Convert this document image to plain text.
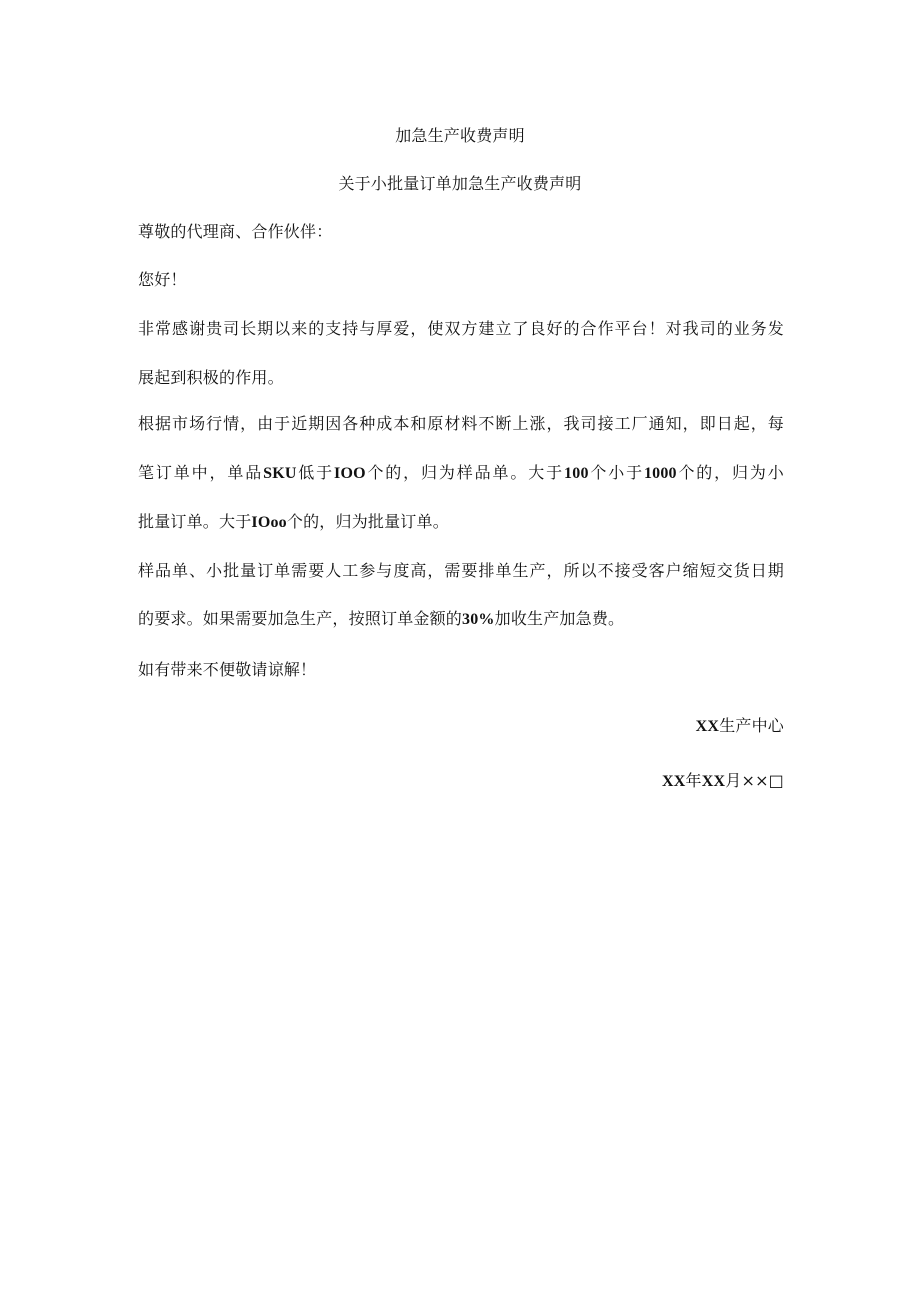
加急生产收费声明
关于小批量订单加急生产收费声明
尊敬的代理商、合作伙伴：
您好！
非常感谢贵司长期以来的支持与厚爱，使双方建立了良好的合作平台！对我司的业务发
展起到积极的作用。
根据市场行情，由于近期因各种成本和原材料不断上涨，我司接工厂通知，即日起，每
笔订单中，单品SKU低于IOO个的，归为样品单。大于100个小于1000个的，归为小
批量订单。大于IOoo个的，归为批量订单。
样品单、小批量订单需要人工参与度高，需要排单生产，所以不接受客户缩短交货日期
的要求。如果需要加急生产，按照订单金额的30%加收生产加急费。
如有带来不便敬请谅解！
XX生产中心
XX年XX月××□
